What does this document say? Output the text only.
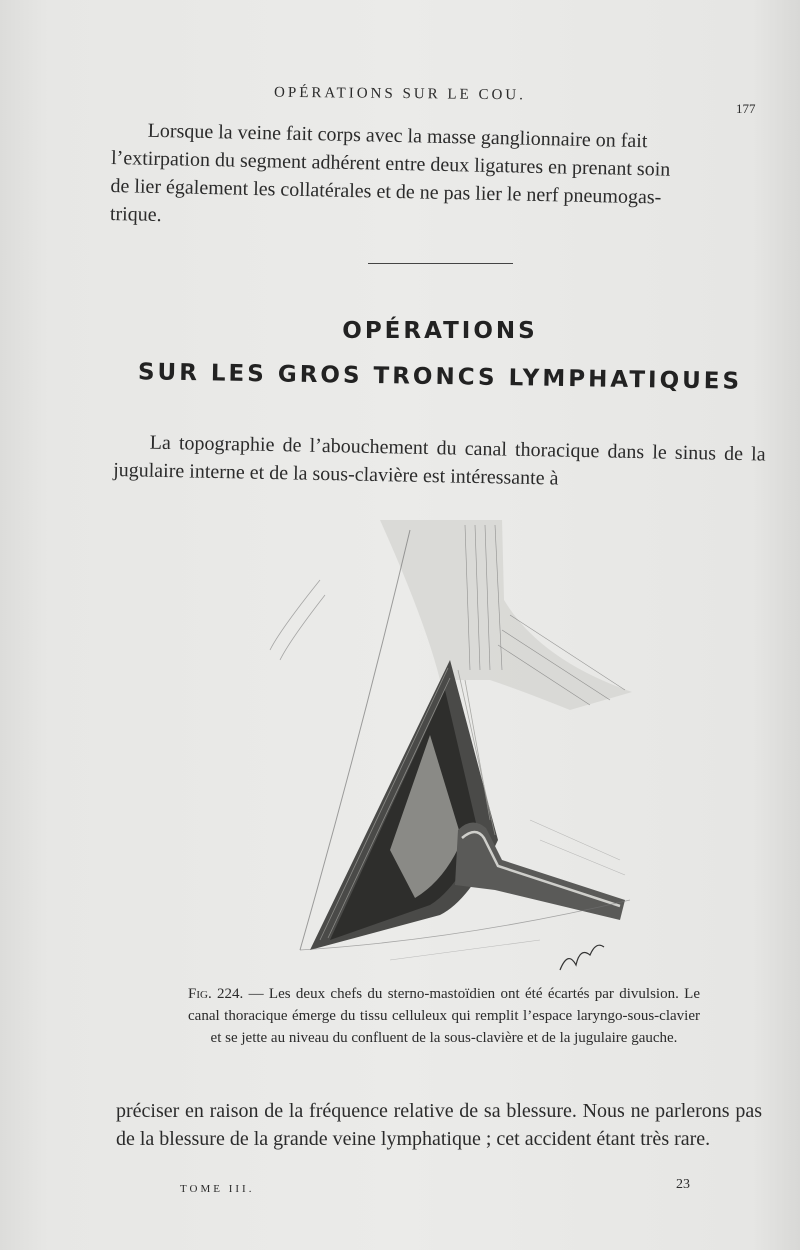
OPÉRATIONS SUR LE COU.
177
Lorsque la veine fait corps avec la masse ganglionnaire on fait
l’extirpation du segment adhérent entre deux ligatures en prenant soin
de lier également les collatérales et de ne pas lier le nerf pneumogas-
trique.
OPÉRATIONS
SUR LES GROS TRONCS LYMPHATIQUES
La topographie de l’abouchement du canal thoracique dans le sinus de la jugulaire interne et de la sous-clavière est intéressante à
Fig. 224. — Les deux chefs du sterno-mastoïdien ont été écartés par divulsion. Le canal thoracique émerge du tissu celluleux qui remplit l’espace laryngo-sous-clavier et se jette au niveau du confluent de la sous-clavière et de la jugulaire gauche.
préciser en raison de la fréquence relative de sa blessure. Nous ne parlerons pas de la blessure de la grande veine lymphatique ; cet accident étant très rare.
TOME III.	23
